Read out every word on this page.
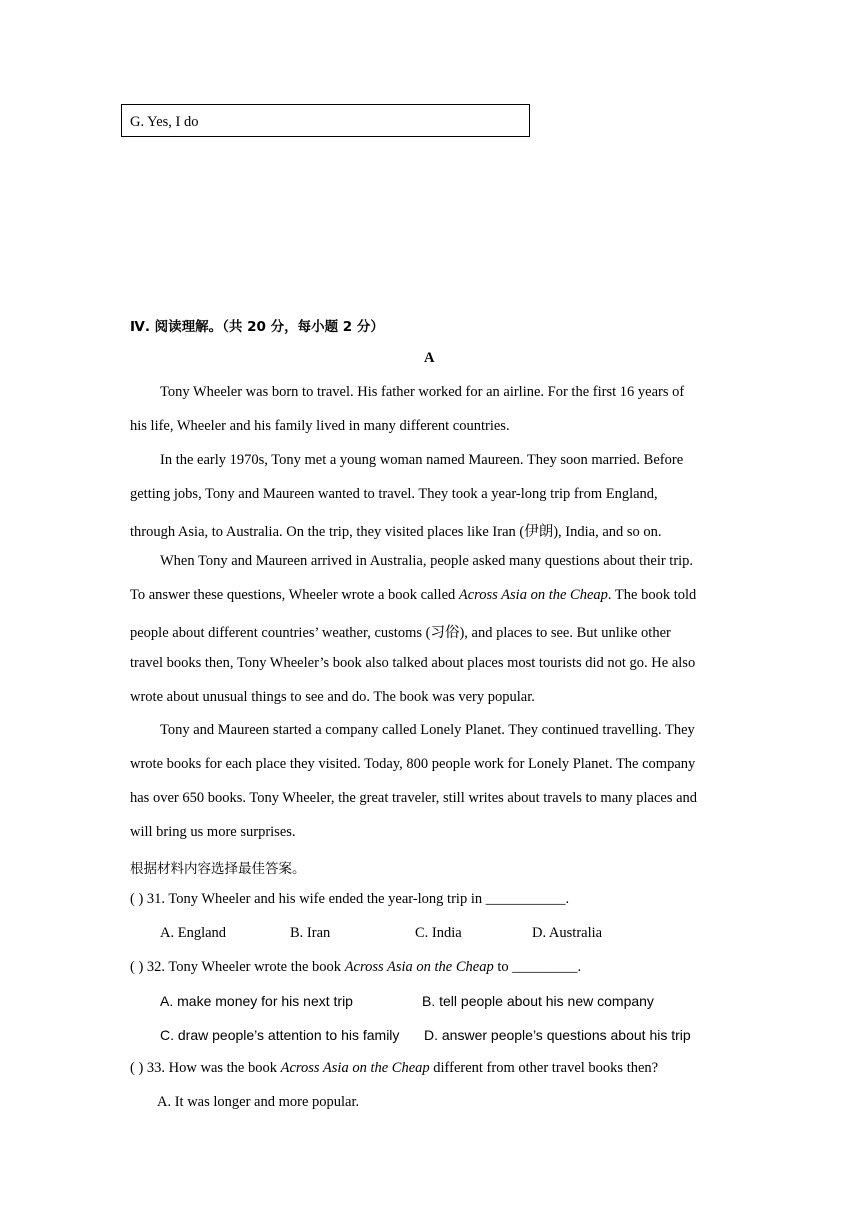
G. Yes, I do
Ⅳ. 阅读理解。（共 20 分，每小题 2 分）
A
Tony Wheeler was born to travel. His father worked for an airline. For the first 16 years of
his life, Wheeler and his family lived in many different countries.
In the early 1970s, Tony met a young woman named Maureen. They soon married. Before
getting jobs, Tony and Maureen wanted to travel. They took a year-long trip from England,
through Asia, to Australia. On the trip, they visited places like Iran (伊朗), India, and so on.
When Tony and Maureen arrived in Australia, people asked many questions about their trip.
To answer these questions, Wheeler wrote a book called Across Asia on the Cheap. The book told
people about different countries’ weather, customs (习俗), and places to see. But unlike other
travel books then, Tony Wheeler’s book also talked about places most tourists did not go. He also
wrote about unusual things to see and do. The book was very popular.
Tony and Maureen started a company called Lonely Planet. They continued travelling. They
wrote books for each place they visited. Today, 800 people work for Lonely Planet. The company
has over 650 books. Tony Wheeler, the great traveler, still writes about travels to many places and
will bring us more surprises.
根据材料内容选择最佳答案。
( ) 31. Tony Wheeler and his wife ended the year-long trip in ___________.
A. England	B. Iran	C. India	D. Australia
( ) 32. Tony Wheeler wrote the book Across Asia on the Cheap to _________.
A. make money for his next trip	B. tell people about his new company
C. draw people’s attention to his family D. answer people’s questions about his trip
( ) 33. How was the book Across Asia on the Cheap different from other travel books then?
A. It was longer and more popular.
